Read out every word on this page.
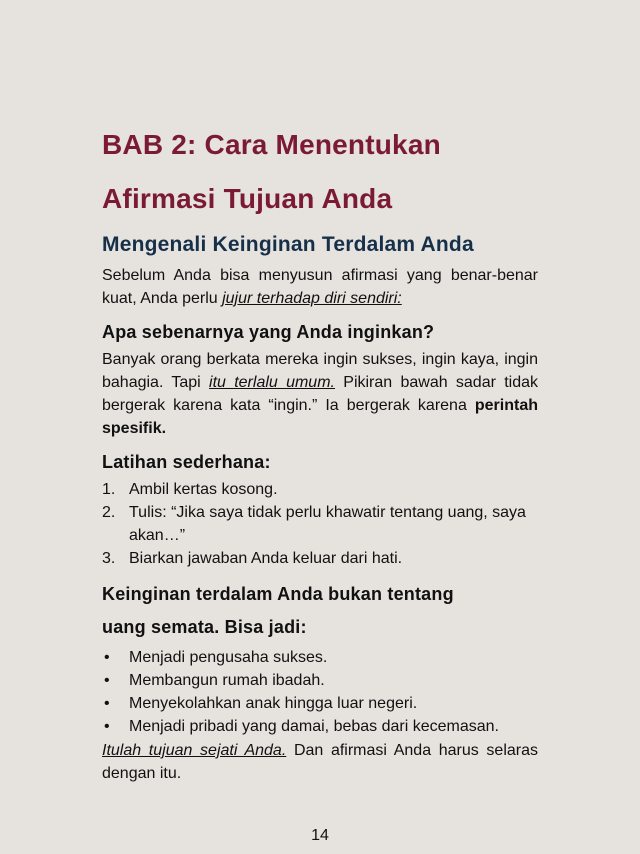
BAB 2: Cara Menentukan
Afirmasi Tujuan Anda
Mengenali Keinginan Terdalam Anda

Sebelum Anda bisa menyusun afirmasi yang benar-benar kuat, Anda perlu jujur terhadap diri sendiri:

Apa sebenarnya yang Anda inginkan?

Banyak orang berkata mereka ingin sukses, ingin kaya, ingin bahagia. Tapi itu terlalu umum. Pikiran bawah sadar tidak bergerak karena kata “ingin.” Ia bergerak karena perintah spesifik.

Latihan sederhana:
1. Ambil kertas kosong.
2. Tulis: “Jika saya tidak perlu khawatir tentang uang, saya akan…”
3. Biarkan jawaban Anda keluar dari hati.
Keinginan terdalam Anda bukan tentang
uang semata. Bisa jadi:
• Menjadi pengusaha sukses.
• Membangun rumah ibadah.
• Menyekolahkan anak hingga luar negeri.
• Menjadi pribadi yang damai, bebas dari kecemasan.

Itulah tujuan sejati Anda. Dan afirmasi Anda harus selaras dengan itu.

14
